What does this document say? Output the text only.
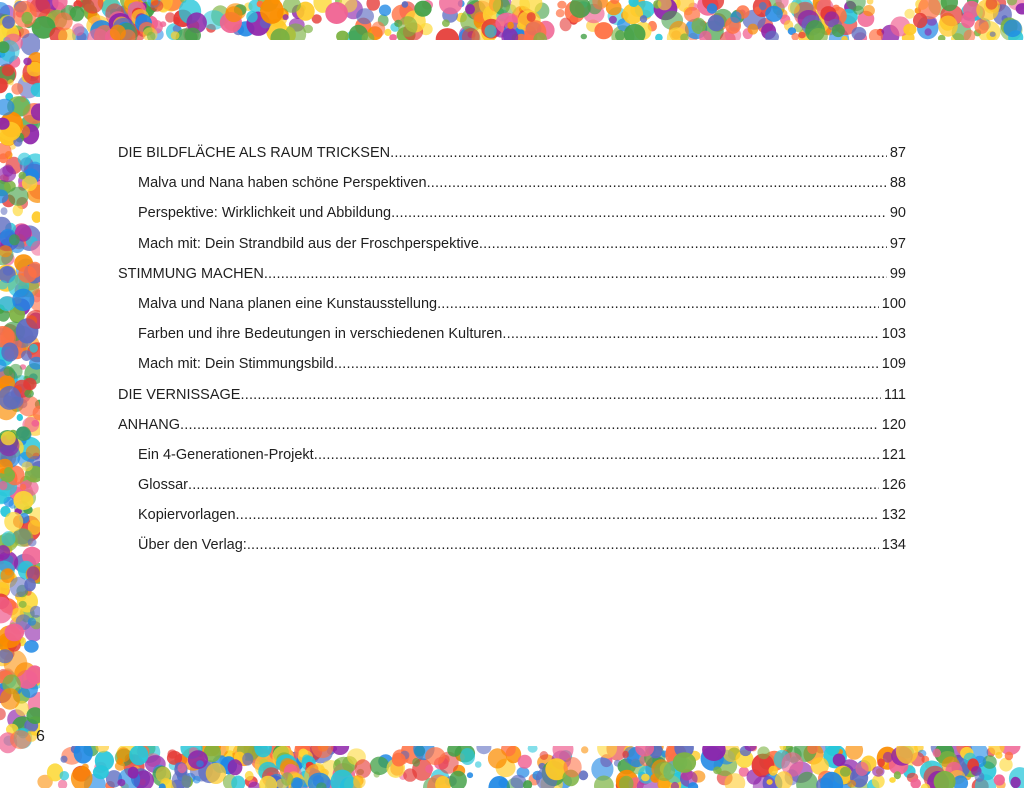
DIE BILDFLÄCHE ALS RAUM TRICKSEN .....	87
Malva und Nana haben schöne Perspektiven .....	88
Perspektive: Wirklichkeit und Abbildung .....	90
Mach mit: Dein Strandbild aus der Froschperspektive .....	97
STIMMUNG MACHEN .....	99
Malva und Nana planen eine Kunstausstellung .....	100
Farben und ihre Bedeutungen in verschiedenen Kulturen .....	103
Mach mit: Dein Stimmungsbild .....	109
DIE VERNISSAGE .....	111
ANHANG .....	120
Ein 4-Generationen-Projekt .....	121
Glossar .....	126
Kopiervorlagen .....	132
Über den Verlag: .....	134
6
